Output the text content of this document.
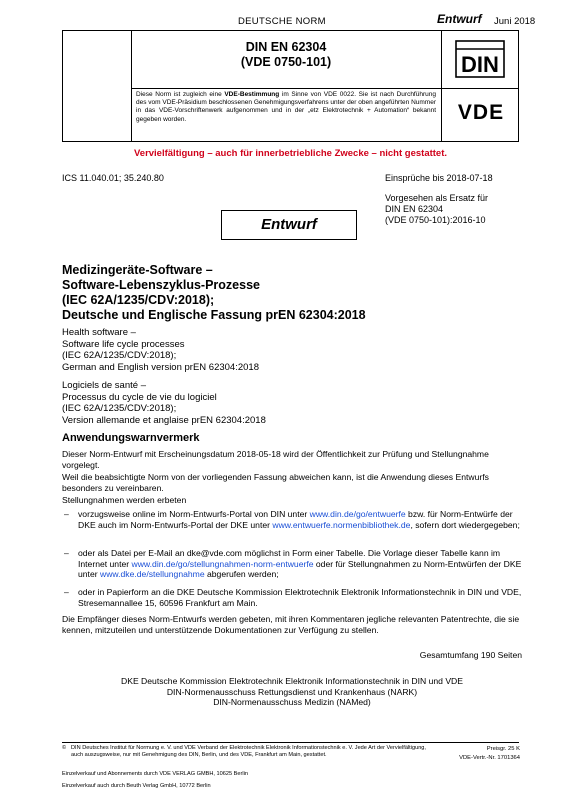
DEUTSCHE NORM	Entwurf Juni 2018
DIN EN 62304
(VDE 0750-101)	DIN
VDE
Diese Norm ist zugleich eine VDE-Bestimmung im Sinne von VDE 0022. Sie ist nach Durchführung des vom VDE-Präsidium beschlossenen Genehmigungsverfahrens unter der oben angeführten Nummer in das VDE-Vorschriftenwerk aufgenommen und in der „etz Elektrotechnik + Automation“ bekannt gegeben worden.
Vervielfältigung – auch für innerbetriebliche Zwecke – nicht gestattet.
ICS 11.040.01; 35.240.80	Einsprüche bis 2018-07-18
Vorgesehen als Ersatz für
DIN EN 62304
(VDE 0750-101):2016-10
Entwurf
Medizingeräte-Software –
Software-Lebenszyklus-Prozesse
(IEC 62A/1235/CDV:2018);
Deutsche und Englische Fassung prEN 62304:2018
Health software –
Software life cycle processes
(IEC 62A/1235/CDV:2018);
German and English version prEN 62304:2018
Logiciels de santé –
Processus du cycle de vie du logiciel
(IEC 62A/1235/CDV:2018);
Version allemande et anglaise prEN 62304:2018
Anwendungswarnvermerk
Dieser Norm-Entwurf mit Erscheinungsdatum 2018-05-18 wird der Öffentlichkeit zur Prüfung und Stellungnahme vorgelegt.
Weil die beabsichtigte Norm von der vorliegenden Fassung abweichen kann, ist die Anwendung dieses Entwurfs besonders zu vereinbaren.
Stellungnahmen werden erbeten
– vorzugsweise online im Norm-Entwurfs-Portal von DIN unter www.din.de/go/entwuerfe bzw. für Norm-Entwürfe der DKE auch im Norm-Entwurfs-Portal der DKE unter www.entwuerfe.normenbibliothek.de, sofern dort wiedergegeben;
– oder als Datei per E-Mail an dke@vde.com möglichst in Form einer Tabelle. Die Vorlage dieser Tabelle kann im Internet unter www.din.de/go/stellungnahmen-norm-entwuerfe oder für Stellungnahmen zu Norm-Entwürfen der DKE unter www.dke.de/stellungnahme abgerufen werden;
– oder in Papierform an die DKE Deutsche Kommission Elektrotechnik Elektronik Informationstechnik in DIN und VDE, Stresemannallee 15, 60596 Frankfurt am Main.
Die Empfänger dieses Norm-Entwurfs werden gebeten, mit ihren Kommentaren jegliche relevanten Patentrechte, die sie kennen, mitzuteilen und unterstützende Dokumentationen zur Verfügung zu stellen.
Gesamtumfang 190 Seiten
DKE Deutsche Kommission Elektrotechnik Elektronik Informationstechnik in DIN und VDE
DIN-Normenausschuss Rettungsdienst und Krankenhaus (NARK)
DIN-Normenausschuss Medizin (NAMed)
© DIN Deutsches Institut für Normung e. V. und VDE Verband der Elektrotechnik Elektronik Informationstechnik e. V. Jede Art der Vervielfältigung, auch auszugsweise, nur mit Genehmigung des DIN, Berlin, und des VDE, Frankfurt am Main, gestattet.
Preisgr. 25 K
VDE-Vertr.-Nr. 1701364
Einzelverkauf und Abonnements durch VDE VERLAG GMBH, 10625 Berlin
Einzelverkauf auch durch Beuth Verlag GmbH, 10772 Berlin
